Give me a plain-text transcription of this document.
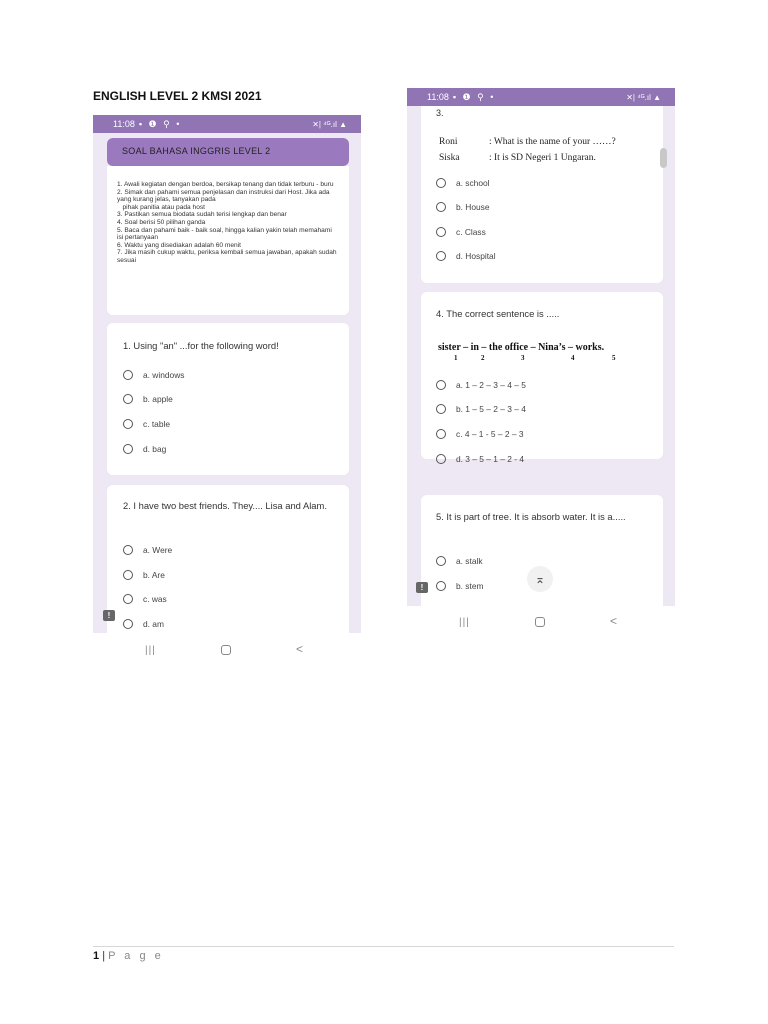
ENGLISH LEVEL 2 KMSI 2021
11:08 ▪ ❶ ⚲ •	✕| ⁴ᴳ.ıl ▲
SOAL BAHASA INGGRIS LEVEL 2
1. Awali kegiatan dengan berdoa, bersikap tenang dan tidak terburu - buru
2. Simak dan pahami semua penjelasan dan instruksi dari Host. Jika ada yang kurang jelas, tanyakan pada
pihak panitia atau pada host
3. Pastikan semua biodata sudah terisi lengkap dan benar
4. Soal berisi 50 pilihan ganda
5. Baca dan pahami baik - baik soal, hingga kalian yakin telah memahami isi pertanyaan
6. Waktu yang disediakan adalah 60 menit
7. Jika masih cukup waktu, periksa kembali semua jawaban, apakah sudah sesuai
1. Using "an" ...for the following word!
a. windows
b. apple
c. table
d. bag
2. I have two best friends. They.... Lisa and Alam.
a. Were
b. Are
c. was
d. am
!
|||	<
11:08 ▪ ❶ ⚲ •	✕| ⁴ᴳ.ıl ▲
3.
Roni	: What is the name of your ……?
Siska	: It is SD Negeri 1 Ungaran.
a. school
b. House
c. Class
d. Hospital
4. The correct sentence is .....
sister – in – the office – Nina’s – works.
1	2	3	4	5
a. 1 – 2 – 3 – 4 – 5
b. 1 – 5 – 2 – 3 – 4
c. 4 – 1 - 5 – 2 – 3
d. 3 – 5 – 1 – 2 - 4
5. It is part of tree. It is absorb water. It is a.....
a. stalk
b. stem	⌅
!
|||	<
1 | P a g e
